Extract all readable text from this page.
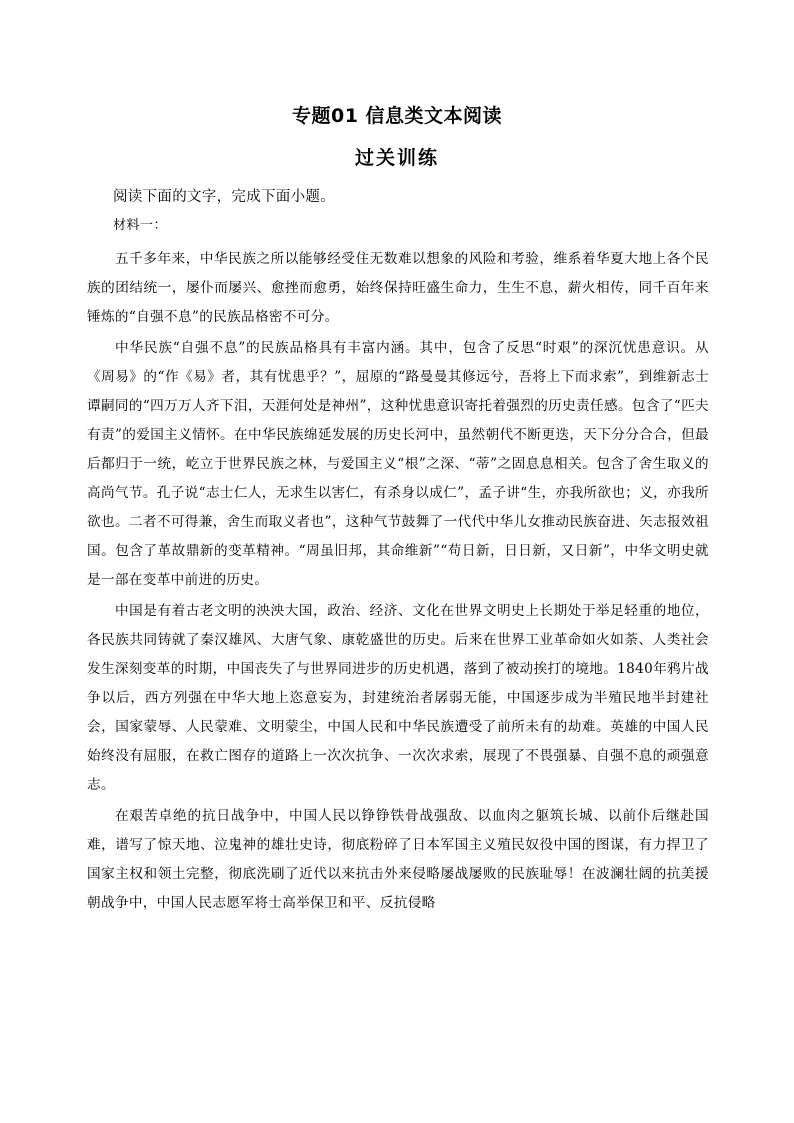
专题01 信息类文本阅读
过关训练
阅读下面的文字，完成下面小题。
材料一：

五千多年来，中华民族之所以能够经受住无数难以想象的风险和考验，维系着华夏大地上各个民族的团结统一，屡仆而屡兴、愈挫而愈勇，始终保持旺盛生命力，生生不息，薪火相传，同千百年来锤炼的“自强不息”的民族品格密不可分。

中华民族“自强不息”的民族品格具有丰富内涵。其中，包含了反思“时艰”的深沉忧患意识。从《周易》的“作《易》者，其有忧患乎？”，屈原的“路曼曼其修远兮，吾将上下而求索”，到维新志士谭嗣同的“四万万人齐下泪，天涯何处是神州”，这种忧患意识寄托着强烈的历史责任感。包含了“匹夫有责”的爱国主义情怀。在中华民族绵延发展的历史长河中，虽然朝代不断更迭，天下分分合合，但最后都归于一统，屹立于世界民族之林，与爱国主义“根”之深、“蒂”之固息息相关。包含了舍生取义的高尚气节。孔子说“志士仁人，无求生以害仁，有杀身以成仁”，孟子讲“生，亦我所欲也；义，亦我所欲也。二者不可得兼，舍生而取义者也”，这种气节鼓舞了一代代中华儿女推动民族奋进、矢志报效祖国。包含了革故鼎新的变革精神。“周虽旧邦，其命维新”“苟日新，日日新，又日新”，中华文明史就是一部在变革中前进的历史。

中国是有着古老文明的泱泱大国，政治、经济、文化在世界文明史上长期处于举足轻重的地位，各民族共同铸就了秦汉雄风、大唐气象、康乾盛世的历史。后来在世界工业革命如火如荼、人类社会发生深刻变革的时期，中国丧失了与世界同进步的历史机遇，落到了被动挨打的境地。1840年鸦片战争以后，西方列强在中华大地上恣意妄为，封建统治者孱弱无能，中国逐步成为半殖民地半封建社会，国家蒙辱、人民蒙难、文明蒙尘，中国人民和中华民族遭受了前所未有的劫难。英雄的中国人民始终没有屈服，在救亡图存的道路上一次次抗争、一次次求索，展现了不畏强暴、自强不息的顽强意志。

在艰苦卓绝的抗日战争中，中国人民以铮铮铁骨战强敌、以血肉之躯筑长城、以前仆后继赴国难，谱写了惊天地、泣鬼神的雄壮史诗，彻底粉碎了日本军国主义殖民奴役中国的图谋，有力捍卫了国家主权和领土完整，彻底洗刷了近代以来抗击外来侵略屡战屡败的民族耻辱！在波澜壮阔的抗美援朝战争中，中国人民志愿军将士高举保卫和平、反抗侵略
